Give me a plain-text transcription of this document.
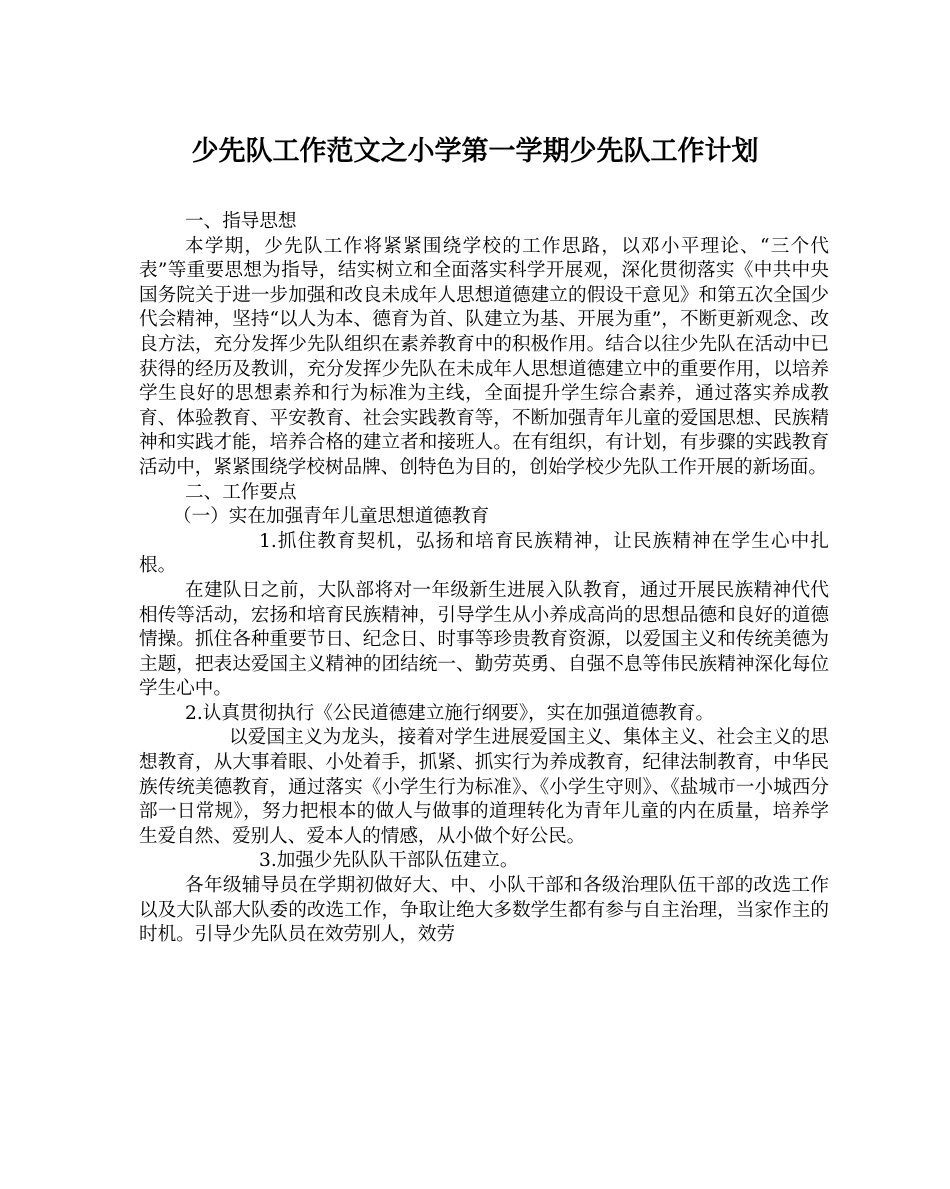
少先队工作范文之小学第一学期少先队工作计划

一、指导思想

本学期，少先队工作将紧紧围绕学校的工作思路，以邓小平理论、“三个代表”等重要思想为指导，结实树立和全面落实科学开展观，深化贯彻落实《中共中央国务院关于进一步加强和改良未成年人思想道德建立的假设干意见》和第五次全国少代会精神，坚持“以人为本、德育为首、队建立为基、开展为重”，不断更新观念、改良方法，充分发挥少先队组织在素养教育中的积极作用。结合以往少先队在活动中已获得的经历及教训，充分发挥少先队在未成年人思想道德建立中的重要作用，以培养学生良好的思想素养和行为标准为主线，全面提升学生综合素养，通过落实养成教育、体验教育、平安教育、社会实践教育等，不断加强青年儿童的爱国思想、民族精神和实践才能，培养合格的建立者和接班人。在有组织，有计划，有步骤的实践教育活动中，紧紧围绕学校树品牌、创特色为目的，创始学校少先队工作开展的新场面。

二、工作要点

（一）实在加强青年儿童思想道德教育

1.抓住教育契机，弘扬和培育民族精神，让民族精神在学生心中扎根。

在建队日之前，大队部将对一年级新生进展入队教育，通过开展民族精神代代相传等活动，宏扬和培育民族精神，引导学生从小养成高尚的思想品德和良好的道德情操。抓住各种重要节日、纪念日、时事等珍贵教育资源，以爱国主义和传统美德为主题，把表达爱国主义精神的团结统一、勤劳英勇、自强不息等伟民族精神深化每位学生心中。

2.认真贯彻执行《公民道德建立施行纲要》，实在加强道德教育。

以爱国主义为龙头，接着对学生进展爱国主义、集体主义、社会主义的思想教育，从大事着眼、小处着手，抓紧、抓实行为养成教育，纪律法制教育，中华民族传统美德教育，通过落实《小学生行为标准》、《小学生守则》、《盐城市一小城西分部一日常规》，努力把根本的做人与做事的道理转化为青年儿童的内在质量，培养学生爱自然、爱别人、爱本人的情感，从小做个好公民。

3.加强少先队队干部队伍建立。

各年级辅导员在学期初做好大、中、小队干部和各级治理队伍干部的改选工作以及大队部大队委的改选工作，争取让绝大多数学生都有参与自主治理，当家作主的时机。引导少先队员在效劳别人，效劳
